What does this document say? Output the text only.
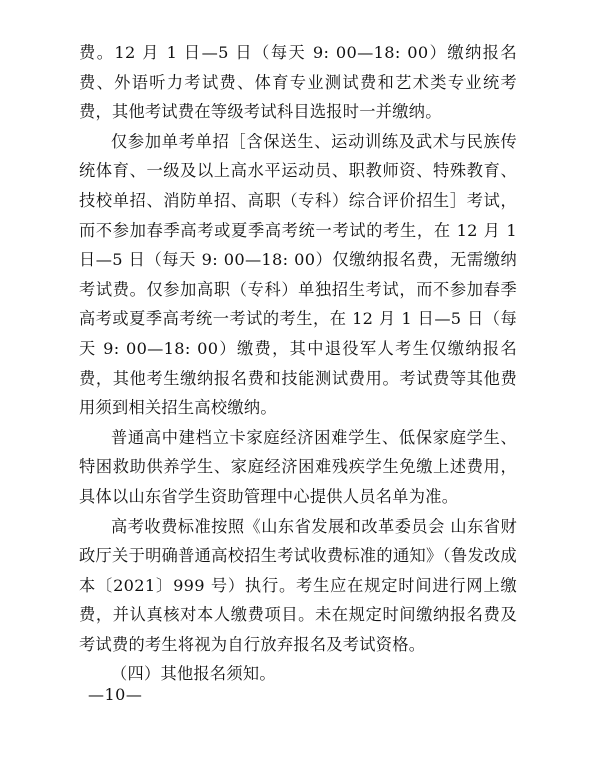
费。12 月 1 日—5 日（每天 9: 00—18: 00）缴纳报名费、外语听力考试费、体育专业测试费和艺术类专业统考费，其他考试费在等级考试科目选报时一并缴纳。

仅参加单考单招［含保送生、运动训练及武术与民族传统体育、一级及以上高水平运动员、职教师资、特殊教育、技校单招、消防单招、高职（专科）综合评价招生］考试，而不参加春季高考或夏季高考统一考试的考生，在 12 月 1 日—5 日（每天 9: 00—18: 00）仅缴纳报名费，无需缴纳考试费。仅参加高职（专科）单独招生考试，而不参加春季高考或夏季高考统一考试的考生，在 12 月 1 日—5 日（每天 9: 00—18: 00）缴费，其中退役军人考生仅缴纳报名费，其他考生缴纳报名费和技能测试费用。考试费等其他费用须到相关招生高校缴纳。

普通高中建档立卡家庭经济困难学生、低保家庭学生、特困救助供养学生、家庭经济困难残疾学生免缴上述费用，具体以山东省学生资助管理中心提供人员名单为准。

高考收费标准按照《山东省发展和改革委员会 山东省财政厅关于明确普通高校招生考试收费标准的通知》（鲁发改成本〔2021〕999 号）执行。考生应在规定时间进行网上缴费，并认真核对本人缴费项目。未在规定时间缴纳报名费及考试费的考生将视为自行放弃报名及考试资格。

（四）其他报名须知。

—10—
